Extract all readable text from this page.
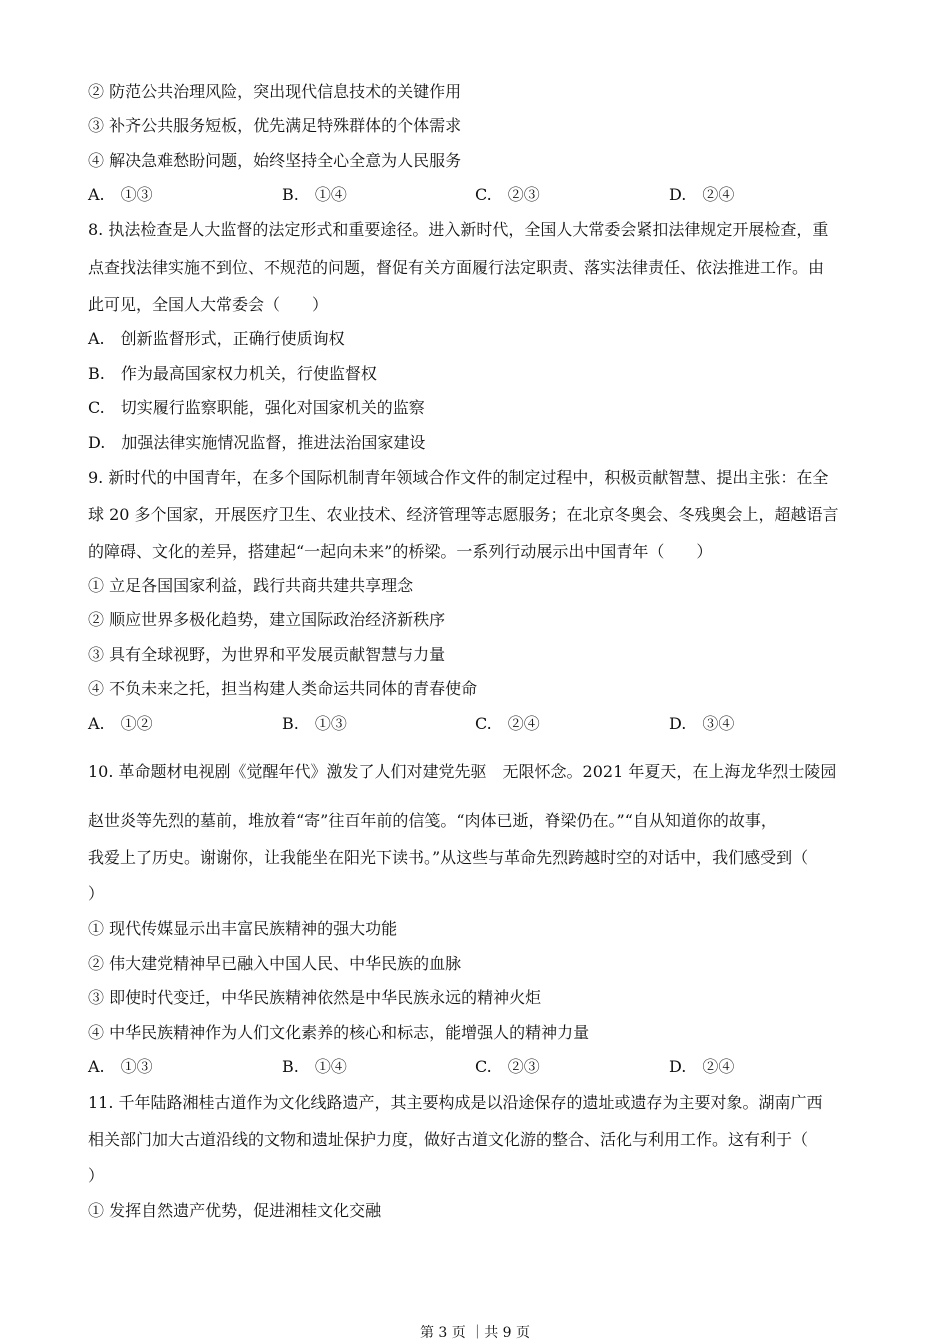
② 防范公共治理风险，突出现代信息技术的关键作用
③ 补齐公共服务短板，优先满足特殊群体的个体需求
④ 解决急难愁盼问题，始终坚持全心全意为人民服务
A.　①③	B.　①④	C.　②③	D.　②④
8. 执法检查是人大监督的法定形式和重要途径。进入新时代，全国人大常委会紧扣法律规定开展检查，重
点查找法律实施不到位、不规范的问题，督促有关方面履行法定职责、落实法律责任、依法推进工作。由
此可见，全国人大常委会（　　）
A.　创新监督形式，正确行使质询权
B.　作为最高国家权力机关，行使监督权
C.　切实履行监察职能，强化对国家机关的监察
D.　加强法律实施情况监督，推进法治国家建设
9. 新时代的中国青年，在多个国际机制青年领域合作文件的制定过程中，积极贡献智慧、提出主张：在全
球 20 多个国家，开展医疗卫生、农业技术、经济管理等志愿服务；在北京冬奥会、冬残奥会上，超越语言
的障碍、文化的差异，搭建起“一起向未来”的桥梁。一系列行动展示出中国青年（　　）
① 立足各国国家利益，践行共商共建共享理念
② 顺应世界多极化趋势，建立国际政治经济新秩序
③ 具有全球视野，为世界和平发展贡献智慧与力量
④ 不负未来之托，担当构建人类命运共同体的青春使命
A.　①②	B.　①③	C.　②④	D.　③④
10. 革命题材电视剧《觉醒年代》激发了人们对建党先驱　无限怀念。2021 年夏天，在上海龙华烈士陵园
赵世炎等先烈的墓前，堆放着“寄”往百年前的信笺。“肉体已逝，脊梁仍在。”“自从知道你的故事，
我爱上了历史。谢谢你，让我能坐在阳光下读书。”从这些与革命先烈跨越时空的对话中，我们感受到（
）
① 现代传媒显示出丰富民族精神的强大功能
② 伟大建党精神早已融入中国人民、中华民族的血脉
③ 即使时代变迁，中华民族精神依然是中华民族永远的精神火炬
④ 中华民族精神作为人们文化素养的核心和标志，能增强人的精神力量
A.　①③	B.　①④	C.　②③	D.　②④
11. 千年陆路湘桂古道作为文化线路遗产，其主要构成是以沿途保存的遗址或遗存为主要对象。湖南广西
相关部门加大古道沿线的文物和遗址保护力度，做好古道文化游的整合、活化与利用工作。这有利于（
）
① 发挥自然遗产优势，促进湘桂文化交融
第 3 页 ｜共 9 页
